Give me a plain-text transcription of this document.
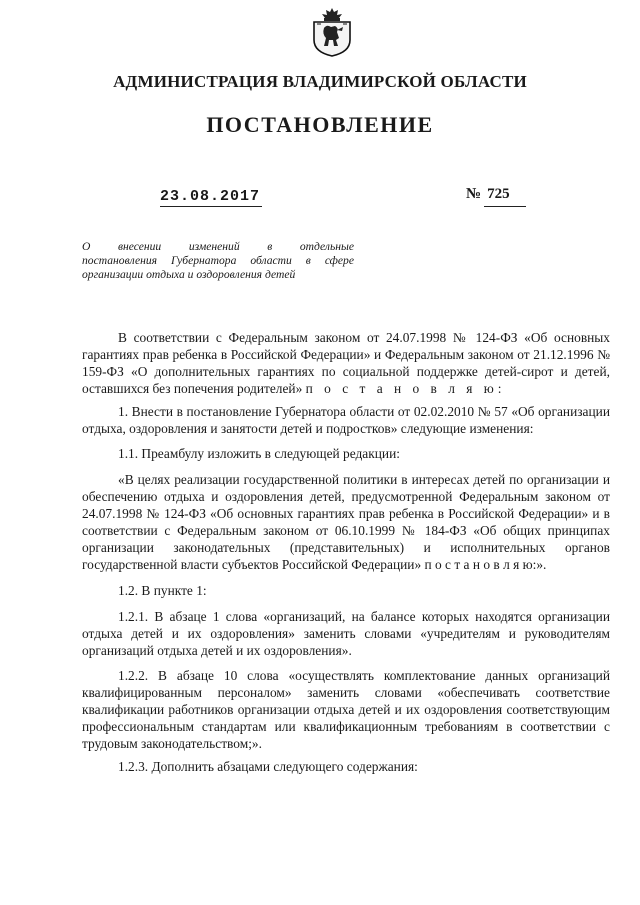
АДМИНИСТРАЦИЯ ВЛАДИМИРСКОЙ ОБЛАСТИ
ПОСТАНОВЛЕНИЕ
23.08.2017	№ 725
О внесении изменений в отдельные
постановления Губернатора области в сфере организации отдыха и оздоровления детей

В соответствии с Федеральным законом от 24.07.1998 № 124-ФЗ «Об основных гарантиях прав ребенка в Российской Федерации» и Федеральным законом от 21.12.1996 № 159-ФЗ «О дополнительных гарантиях по социальной поддержке детей-сирот и детей, оставшихся без попечения родителей» п о с т а н о в л я ю:

1. Внести в постановление Губернатора области от 02.02.2010 № 57 «Об организации отдыха, оздоровления и занятости детей и подростков» следующие изменения:

1.1. Преамбулу изложить в следующей редакции:

«В целях реализации государственной политики в интересах детей по организации и обеспечению отдыха и оздоровления детей, предусмотренной Федеральным законом от 24.07.1998 № 124-ФЗ «Об основных гарантиях прав ребенка в Российской Федерации» и в соответствии с Федеральным законом от 06.10.1999 № 184-ФЗ «Об общих принципах организации законодательных (представительных) и исполнительных органов государственной власти субъектов Российской Федерации» п о с т а н о в л я ю:».

1.2. В пункте 1:

1.2.1. В абзаце 1 слова «организаций, на балансе которых находятся организации отдыха детей и их оздоровления» заменить словами «учредителям и руководителям организаций отдыха детей и их оздоровления».

1.2.2. В абзаце 10 слова «осуществлять комплектование данных организаций квалифицированным персоналом» заменить словами «обеспечивать соответствие квалификации работников организации отдыха детей и их оздоровления соответствующим профессиональным стандартам или квалификационным требованиям в соответствии с трудовым законодательством;».

1.2.3. Дополнить абзацами следующего содержания:
